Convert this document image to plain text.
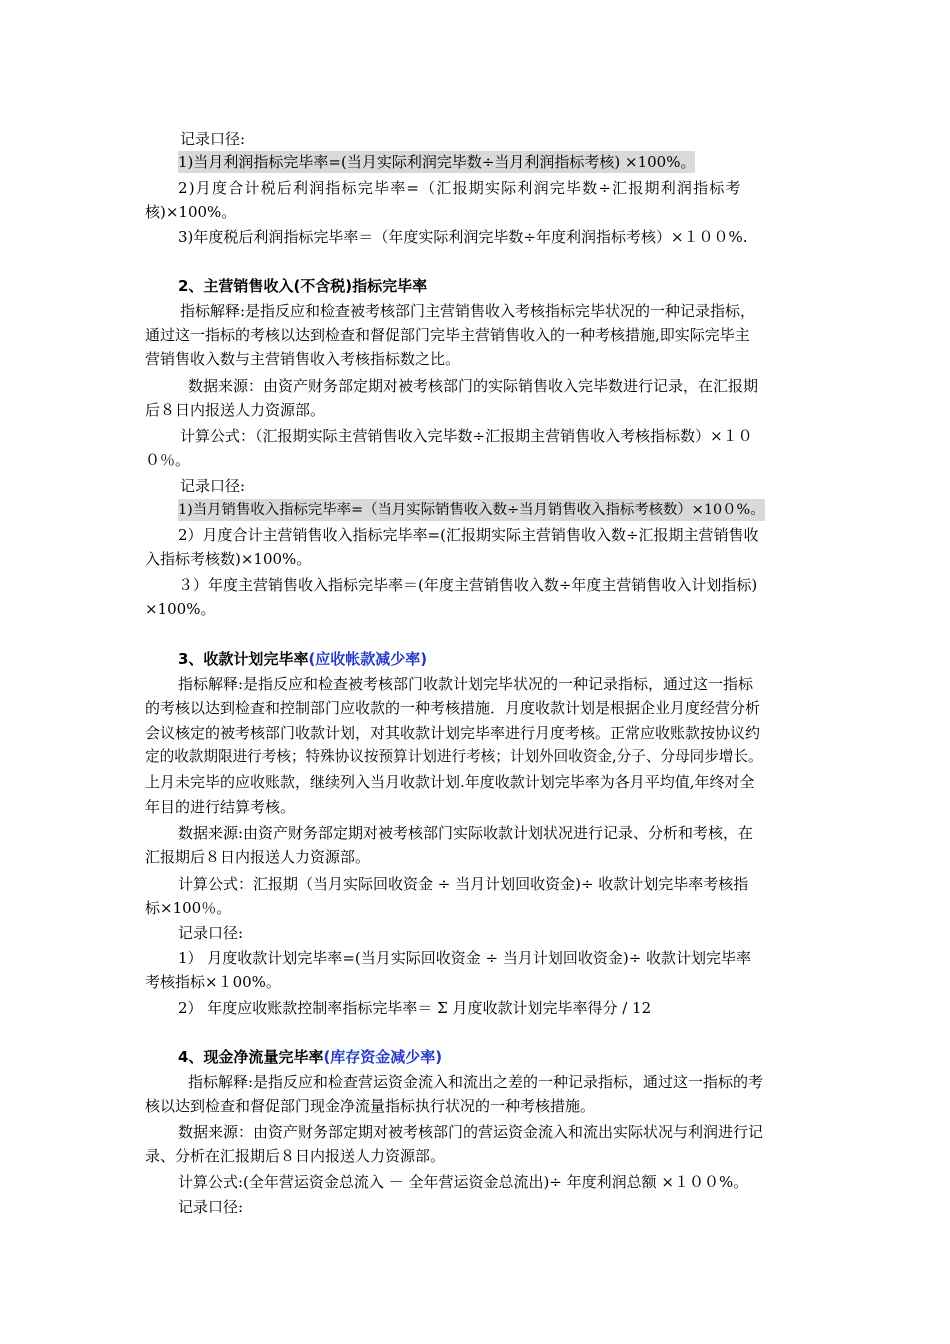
记录口径:
1)当月利润指标完毕率=(当月实际利润完毕数÷当月利润指标考核) ×100%。
2)月度合计税后利润指标完毕率=（汇报期实际利润完毕数÷汇报期利润指标考
核)×100%。
3)年度税后利润指标完毕率＝（年度实际利润完毕数÷年度利润指标考核）×１００%.
2、主营销售收入(不含税)指标完毕率
指标解释:是指反应和检查被考核部门主营销售收入考核指标完毕状况的一种记录指标，
通过这一指标的考核以达到检查和督促部门完毕主营销售收入的一种考核措施,即实际完毕主
营销售收入数与主营销售收入考核指标数之比。
数据来源：由资产财务部定期对被考核部门的实际销售收入完毕数进行记录，在汇报期
后８日内报送人力资源部。
计算公式：（汇报期实际主营销售收入完毕数÷汇报期主营销售收入考核指标数）×１０
０％。
记录口径:
1)当月销售收入指标完毕率=（当月实际销售收入数÷当月销售收入指标考核数）×10０%。
2）月度合计主营销售收入指标完毕率=(汇报期实际主营销售收入数÷汇报期主营销售收
入指标考核数)×100%。
３）年度主营销售收入指标完毕率＝(年度主营销售收入数÷年度主营销售收入计划指标)
×100%。
3、收款计划完毕率(应收帐款减少率)
指标解释:是指反应和检查被考核部门收款计划完毕状况的一种记录指标，通过这一指标
的考核以达到检查和控制部门应收款的一种考核措施．月度收款计划是根据企业月度经营分析
会议核定的被考核部门收款计划，对其收款计划完毕率进行月度考核。正常应收账款按协议约
定的收款期限进行考核；特殊协议按预算计划进行考核；计划外回收资金,分子、分母同步增长。
上月未完毕的应收账款，继续列入当月收款计划.年度收款计划完毕率为各月平均值,年终对全
年目的进行结算考核。
数据来源:由资产财务部定期对被考核部门实际收款计划状况进行记录、分析和考核，在
汇报期后８日内报送人力资源部。
计算公式：汇报期（当月实际回收资金 ÷ 当月计划回收资金)÷ 收款计划完毕率考核指
标×100％。
记录口径:
1） 月度收款计划完毕率=(当月实际回收资金 ÷ 当月计划回收资金)÷ 收款计划完毕率
考核指标×１00%。
2） 年度应收账款控制率指标完毕率＝ Σ 月度收款计划完毕率得分 / 12
4、现金净流量完毕率(库存资金减少率)
指标解释:是指反应和检查营运资金流入和流出之差的一种记录指标，通过这一指标的考
核以达到检查和督促部门现金净流量指标执行状况的一种考核措施。
数据来源：由资产财务部定期对被考核部门的营运资金流入和流出实际状况与利润进行记
录、分析在汇报期后８日内报送人力资源部。
计算公式:(全年营运资金总流入 － 全年营运资金总流出)÷ 年度利润总额 ×１００%。
记录口径:
